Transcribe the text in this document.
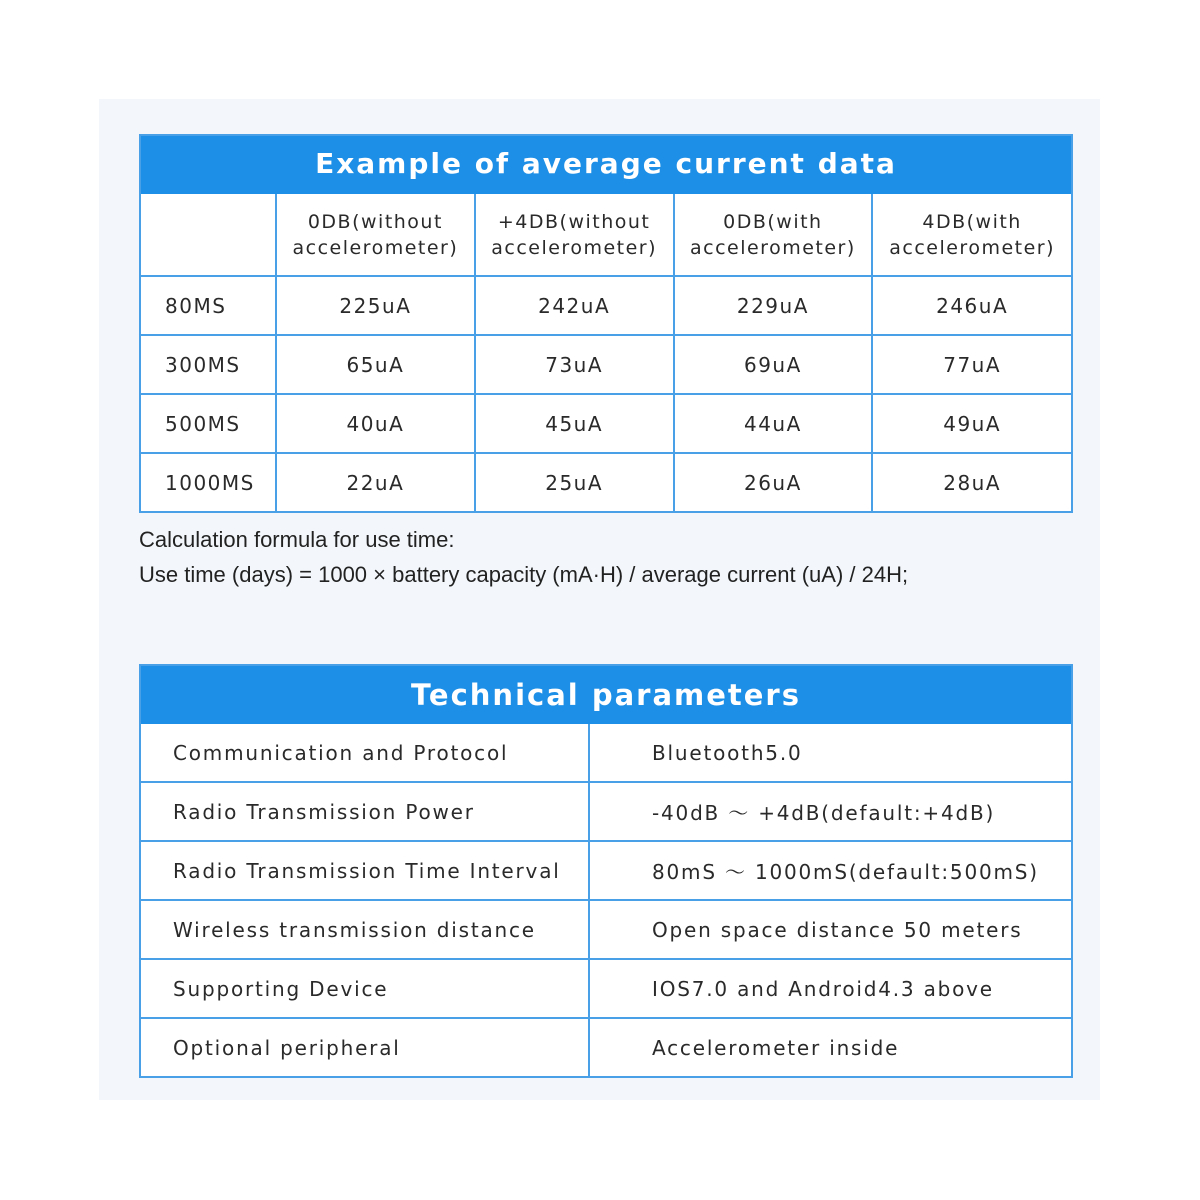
Example of average current data
	0DB(without accelerometer)	+4DB(without accelerometer)	0DB(with accelerometer)	4DB(with accelerometer)
80MS	225uA	242uA	229uA	246uA
300MS	65uA	73uA	69uA	77uA
500MS	40uA	45uA	44uA	49uA
1000MS	22uA	25uA	26uA	28uA
Calculation formula for use time:
Use time (days) = 1000 × battery capacity (mA·H) / average current (uA) / 24H;
Technical parameters
Communication and Protocol	Bluetooth5.0
Radio Transmission Power	-40dB ～ +4dB(default:+4dB)
Radio Transmission Time Interval	80mS ～ 1000mS(default:500mS)
Wireless transmission distance	Open space distance 50 meters
Supporting Device	IOS7.0 and Android4.3 above
Optional peripheral	Accelerometer inside
